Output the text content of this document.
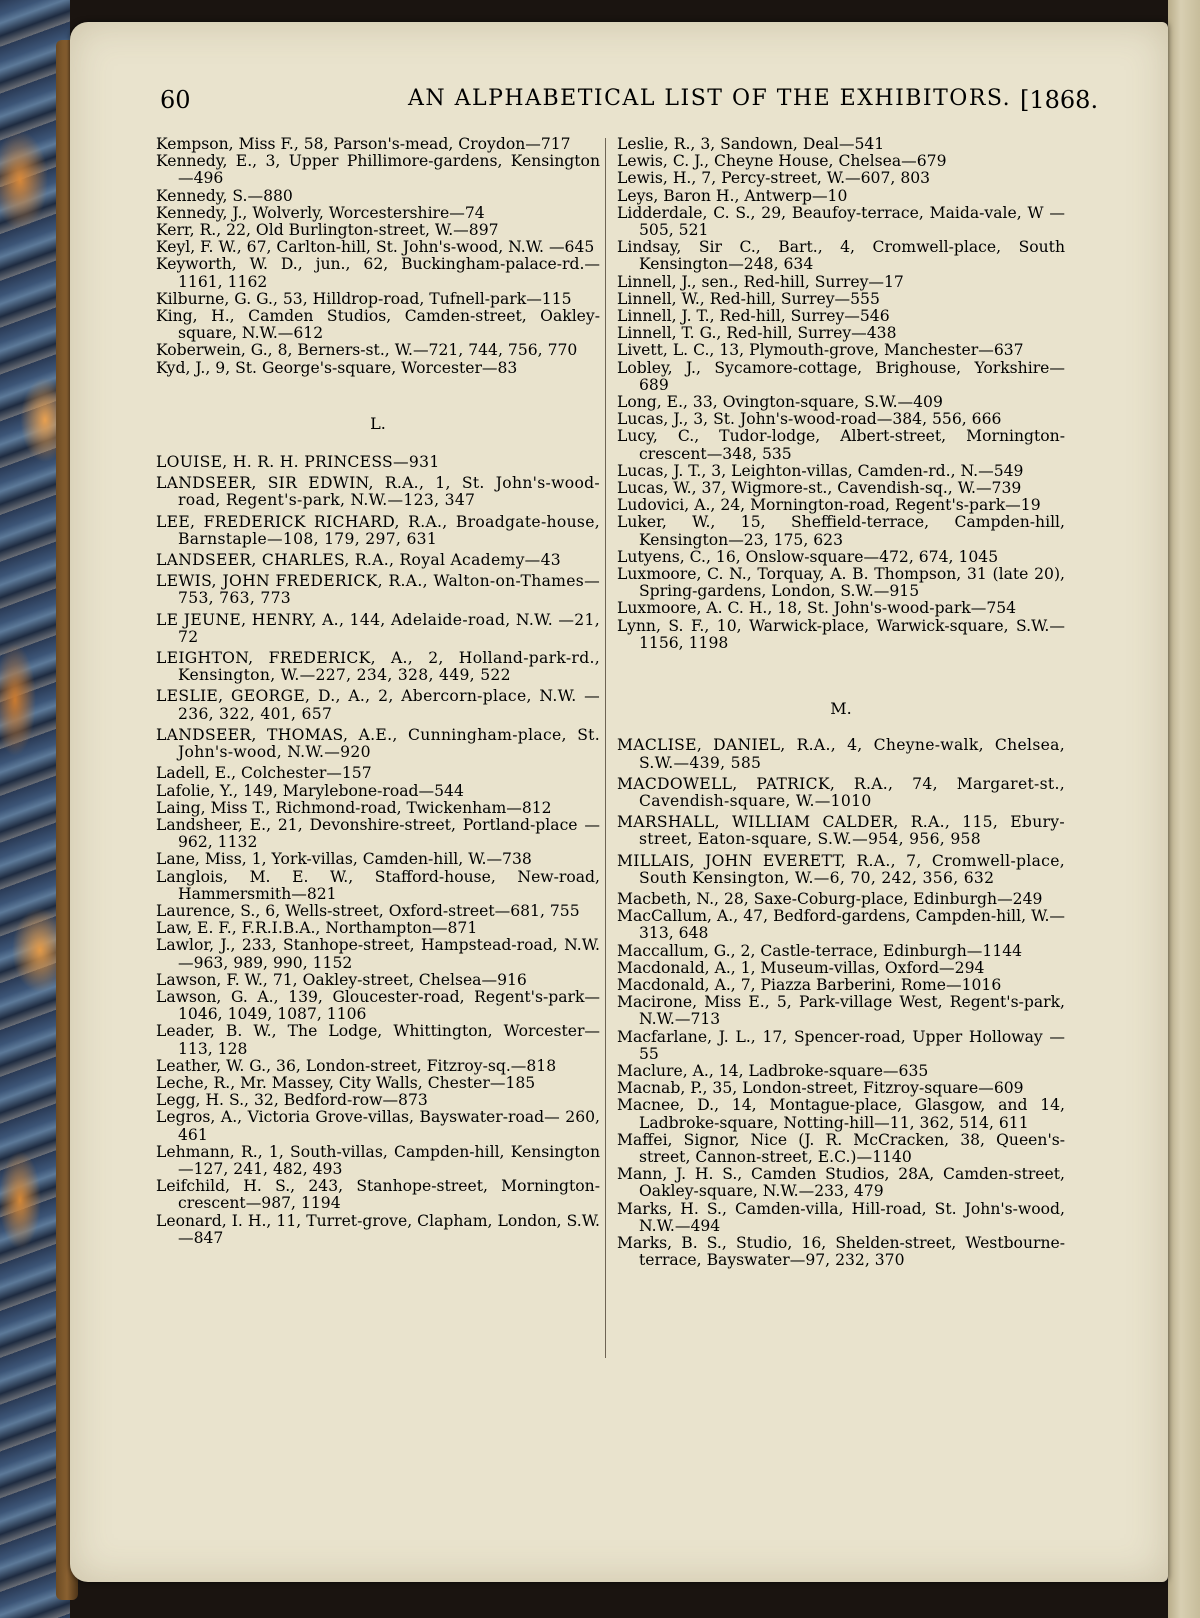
60	AN ALPHABETICAL LIST OF THE EXHIBITORS. [1868.

Kempson, Miss F., 58, Parson's-mead, Croydon—717

Kennedy, E., 3, Upper Phillimore-gardens, Kensington —496

Kennedy, S.—880

Kennedy, J., Wolverly, Worcestershire—74

Kerr, R., 22, Old Burlington-street, W.—897

Keyl, F. W., 67, Carlton-hill, St. John's-wood, N.W. —645

Keyworth, W. D., jun., 62, Buckingham-palace-rd.— 1161, 1162

Kilburne, G. G., 53, Hilldrop-road, Tufnell-park—115

King, H., Camden Studios, Camden-street, Oakley-square, N.W.—612

Koberwein, G., 8, Berners-st., W.—721, 744, 756, 770

Kyd, J., 9, St. George's-square, Worcester—83

L.

LOUISE, H. R. H. PRINCESS—931

LANDSEER, SIR EDWIN, R.A., 1, St. John's-wood-road, Regent's-park, N.W.—123, 347

LEE, FREDERICK RICHARD, R.A., Broadgate-house, Barnstaple—108, 179, 297, 631

LANDSEER, CHARLES, R.A., Royal Academy—43

LEWIS, JOHN FREDERICK, R.A., Walton-on-Thames—753, 763, 773

LE JEUNE, HENRY, A., 144, Adelaide-road, N.W. —21, 72

LEIGHTON, FREDERICK, A., 2, Holland-park-rd., Kensington, W.—227, 234, 328, 449, 522

LESLIE, GEORGE, D., A., 2, Abercorn-place, N.W. —236, 322, 401, 657

LANDSEER, THOMAS, A.E., Cunningham-place, St. John's-wood, N.W.—920

Ladell, E., Colchester—157

Lafolie, Y., 149, Marylebone-road—544

Laing, Miss T., Richmond-road, Twickenham—812

Landsheer, E., 21, Devonshire-street, Portland-place —962, 1132

Lane, Miss, 1, York-villas, Camden-hill, W.—738

Langlois, M. E. W., Stafford-house, New-road, Hammersmith—821

Laurence, S., 6, Wells-street, Oxford-street—681, 755

Law, E. F., F.R.I.B.A., Northampton—871

Lawlor, J., 233, Stanhope-street, Hampstead-road, N.W.—963, 989, 990, 1152

Lawson, F. W., 71, Oakley-street, Chelsea—916

Lawson, G. A., 139, Gloucester-road, Regent's-park— 1046, 1049, 1087, 1106

Leader, B. W., The Lodge, Whittington, Worcester— 113, 128

Leather, W. G., 36, London-street, Fitzroy-sq.—818

Leche, R., Mr. Massey, City Walls, Chester—185

Legg, H. S., 32, Bedford-row—873

Legros, A., Victoria Grove-villas, Bayswater-road— 260, 461

Lehmann, R., 1, South-villas, Campden-hill, Kensington—127, 241, 482, 493

Leifchild, H. S., 243, Stanhope-street, Mornington-crescent—987, 1194

Leonard, I. H., 11, Turret-grove, Clapham, London, S.W.—847

Leslie, R., 3, Sandown, Deal—541

Lewis, C. J., Cheyne House, Chelsea—679

Lewis, H., 7, Percy-street, W.—607, 803

Leys, Baron H., Antwerp—10

Lidderdale, C. S., 29, Beaufoy-terrace, Maida-vale, W —505, 521

Lindsay, Sir C., Bart., 4, Cromwell-place, South Kensington—248, 634

Linnell, J., sen., Red-hill, Surrey—17

Linnell, W., Red-hill, Surrey—555

Linnell, J. T., Red-hill, Surrey—546

Linnell, T. G., Red-hill, Surrey—438

Livett, L. C., 13, Plymouth-grove, Manchester—637

Lobley, J., Sycamore-cottage, Brighouse, Yorkshire— 689

Long, E., 33, Ovington-square, S.W.—409

Lucas, J., 3, St. John's-wood-road—384, 556, 666

Lucy, C., Tudor-lodge, Albert-street, Mornington-crescent—348, 535

Lucas, J. T., 3, Leighton-villas, Camden-rd., N.—549

Lucas, W., 37, Wigmore-st., Cavendish-sq., W.—739

Ludovici, A., 24, Mornington-road, Regent's-park—19

Luker, W., 15, Sheffield-terrace, Campden-hill, Kensington—23, 175, 623

Lutyens, C., 16, Onslow-square—472, 674, 1045

Luxmoore, C. N., Torquay, A. B. Thompson, 31 (late 20), Spring-gardens, London, S.W.—915

Luxmoore, A. C. H., 18, St. John's-wood-park—754

Lynn, S. F., 10, Warwick-place, Warwick-square, S.W.—1156, 1198

M.

MACLISE, DANIEL, R.A., 4, Cheyne-walk, Chelsea, S.W.—439, 585

MACDOWELL, PATRICK, R.A., 74, Margaret-st., Cavendish-square, W.—1010

MARSHALL, WILLIAM CALDER, R.A., 115, Ebury-street, Eaton-square, S.W.—954, 956, 958

MILLAIS, JOHN EVERETT, R.A., 7, Cromwell-place, South Kensington, W.—6, 70, 242, 356, 632

Macbeth, N., 28, Saxe-Coburg-place, Edinburgh—249

MacCallum, A., 47, Bedford-gardens, Campden-hill, W.—313, 648

Maccallum, G., 2, Castle-terrace, Edinburgh—1144

Macdonald, A., 1, Museum-villas, Oxford—294

Macdonald, A., 7, Piazza Barberini, Rome—1016

Macirone, Miss E., 5, Park-village West, Regent's-park, N.W.—713

Macfarlane, J. L., 17, Spencer-road, Upper Holloway —55

Maclure, A., 14, Ladbroke-square—635

Macnab, P., 35, London-street, Fitzroy-square—609

Macnee, D., 14, Montague-place, Glasgow, and 14, Ladbroke-square, Notting-hill—11, 362, 514, 611

Maffei, Signor, Nice (J. R. McCracken, 38, Queen's-street, Cannon-street, E.C.)—1140

Mann, J. H. S., Camden Studios, 28A, Camden-street, Oakley-square, N.W.—233, 479

Marks, H. S., Camden-villa, Hill-road, St. John's-wood, N.W.—494

Marks, B. S., Studio, 16, Shelden-street, Westbourne-terrace, Bayswater—97, 232, 370
